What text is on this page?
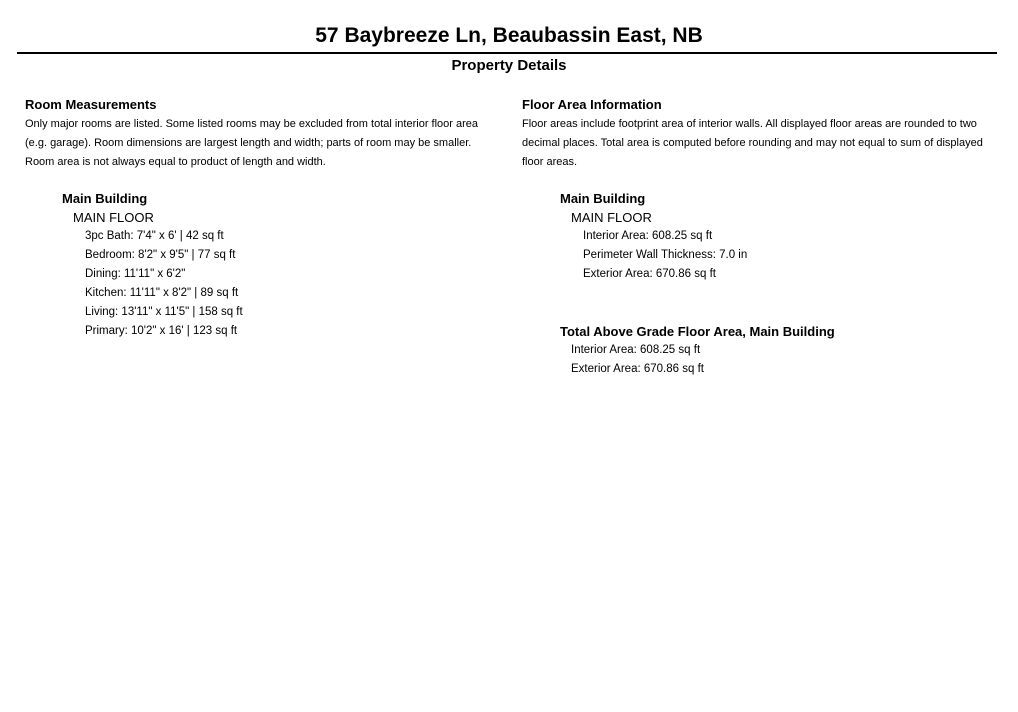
57 Baybreeze Ln, Beaubassin East, NB
Property Details
Room Measurements
Only major rooms are listed. Some listed rooms may be excluded from total interior floor area
(e.g. garage). Room dimensions are largest length and width; parts of room may be smaller.
Room area is not always equal to product of length and width.
Main Building
MAIN FLOOR
3pc Bath: 7'4" x 6' | 42 sq ft
Bedroom: 8'2" x 9'5" | 77 sq ft
Dining: 11'11" x 6'2"
Kitchen: 11'11" x 8'2" | 89 sq ft
Living: 13'11" x 11'5" | 158 sq ft
Primary: 10'2" x 16' | 123 sq ft
Floor Area Information
Floor areas include footprint area of interior walls. All displayed floor areas are rounded to two
decimal places. Total area is computed before rounding and may not equal to sum of displayed
floor areas.
Main Building
MAIN FLOOR
Interior Area: 608.25 sq ft
Perimeter Wall Thickness: 7.0 in
Exterior Area: 670.86 sq ft
Total Above Grade Floor Area, Main Building
Interior Area: 608.25 sq ft
Exterior Area: 670.86 sq ft
